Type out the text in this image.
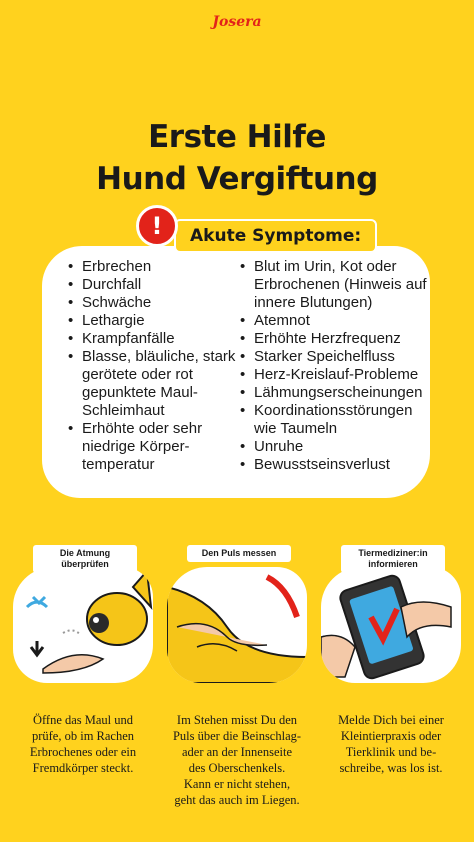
Josera
Erste Hilfe
Hund Vergiftung
Akute Symptome:
!
• Erbrechen
• Durchfall
• Schwäche
• Lethargie
• Krampfanfälle
• Blasse, bläuliche, stark gerötete oder rot gepunktete Maul-Schleimhaut
• Erhöhte oder sehr niedrige Körper-temperatur
• Blut im Urin, Kot oder Erbrochenen (Hinweis auf innere Blutungen)
• Atemnot
• Erhöhte Herzfrequenz
• Starker Speichelfluss
• Herz-Kreislauf-Probleme
• Lähmungserscheinungen
• Koordinationsstörungen wie Taumeln
• Unruhe
• Bewusstseinsverlust
Die Atmung überprüfen
Den Puls messen	Tiermediziner:in informieren
Öffne das Maul und
prüfe, ob im Rachen
Erbrochenes oder ein
Fremdkörper steckt.
Im Stehen misst Du den
Puls über die Beinschlag-
ader an der Innenseite
des Oberschenkels.
Kann er nicht stehen,
geht das auch im Liegen.
Melde Dich bei einer
Kleintierpraxis oder
Tierklinik und be-
schreibe, was los ist.
